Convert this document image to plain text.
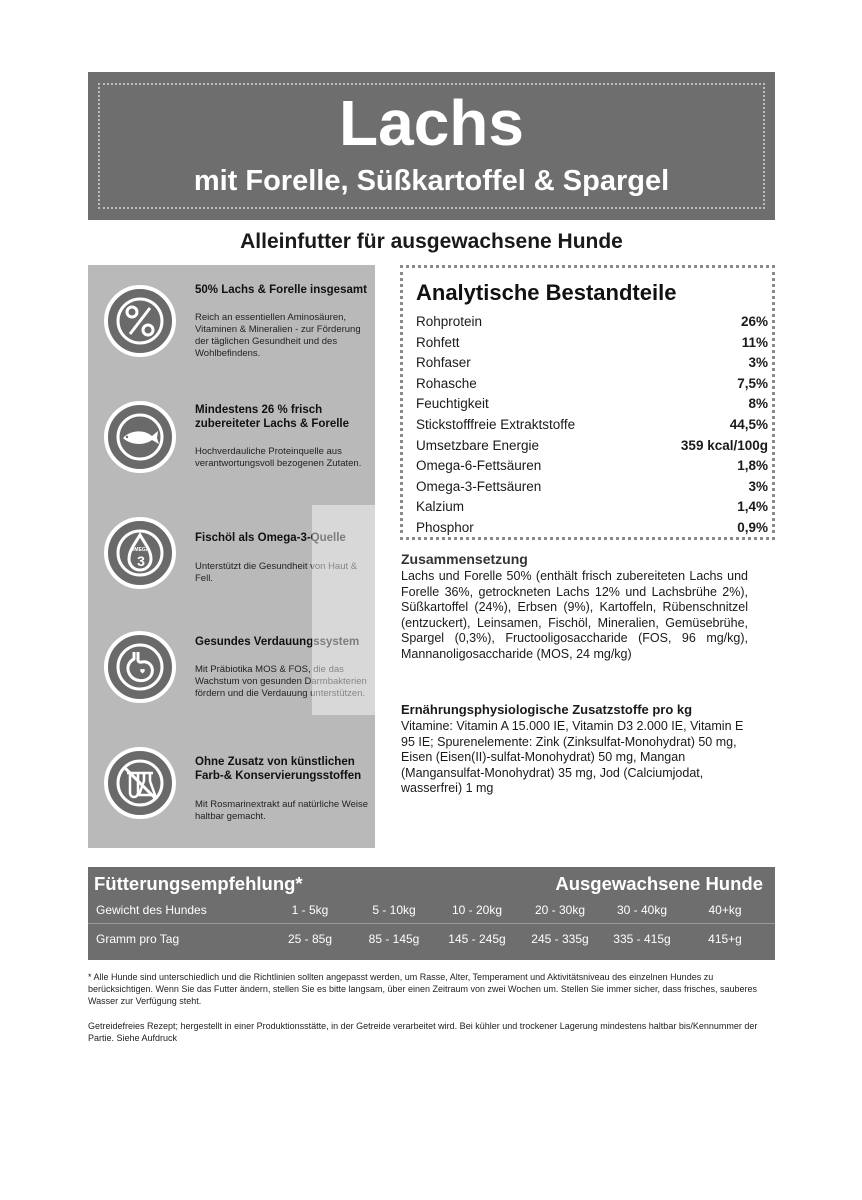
Lachs
mit Forelle, Süßkartoffel & Spargel
Alleinfutter für ausgewachsene Hunde
50% Lachs & Forelle insgesamt
Reich an essentiellen Aminosäuren, Vitaminen & Mineralien - zur Förderung der täglichen Gesundheit und des Wohlbefindens.
Mindestens 26 % frisch zubereiteter Lachs & Forelle
Hochverdauliche Proteinquelle aus verantwortungsvoll bezogenen Zutaten.
OMEGA
3
Fischöl als Omega-3-Quelle
Unterstützt die Gesundheit von Haut & Fell.
Gesundes Verdauungssystem
Mit Präbiotika MOS & FOS, die das Wachstum von gesunden Darmbakterien fördern und die Verdauung unterstützen.
Ohne Zusatz von künstlichen Farb-& Konservierungsstoffen
Mit Rosmarinextrakt auf natürliche Weise haltbar gemacht.
Analytische Bestandteile
Rohprotein	26%
Rohfett	11%
Rohfaser	3%
Rohasche	7,5%
Feuchtigkeit	8%
Stickstofffreie Extraktstoffe	44,5%
Umsetzbare Energie	359 kcal/100g
Omega-6-Fettsäuren	1,8%
Omega-3-Fettsäuren	3%
Kalzium	1,4%
Phosphor	0,9%
Zusammensetzung
Lachs und Forelle 50% (enthält frisch zubereiteten Lachs und Forelle 36%, getrockneten Lachs 12% und Lachsbrühe 2%), Süßkartoffel (24%), Erbsen (9%), Kartoffeln, Rübenschnitzel (entzuckert), Leinsamen, Fischöl, Mineralien, Gemüsebrühe, Spargel (0,3%), Fructooligosaccharide (FOS, 96 mg/kg), Mannanoligosaccharide (MOS, 24 mg/kg)
Ernährungsphysiologische Zusatzstoffe pro kg
Vitamine: Vitamin A 15.000 IE, Vitamin D3 2.000 IE, Vitamin E 95 IE; Spurenelemente: Zink (Zinksulfat-Monohydrat) 50 mg, Eisen (Eisen(II)-sulfat-Monohydrat) 50 mg, Mangan (Mangansulfat-Monohydrat) 35 mg, Jod (Calciumjodat, wasserfrei) 1 mg
Fütterungsempfehlung*	Ausgewachsene Hunde
Gewicht des Hundes	1 - 5kg	5 - 10kg	10 - 20kg	20 - 30kg	30 - 40kg	40+kg
Gramm pro Tag	25 - 85g	85 - 145g	145 - 245g	245 - 335g	335 - 415g	415+g
* Alle Hunde sind unterschiedlich und die Richtlinien sollten angepasst werden, um Rasse, Alter, Temperament und Aktivitätsniveau des einzelnen Hundes zu berücksichtigen. Wenn Sie das Futter ändern, stellen Sie es bitte langsam, über einen Zeitraum von zwei Wochen um. Stellen Sie immer sicher, dass frisches, sauberes Wasser zur Verfügung steht.
Getreidefreies Rezept; hergestellt in einer Produktionsstätte, in der Getreide verarbeitet wird. Bei kühler und trockener Lagerung mindestens haltbar bis/Kennummer der Partie. Siehe Aufdruck
